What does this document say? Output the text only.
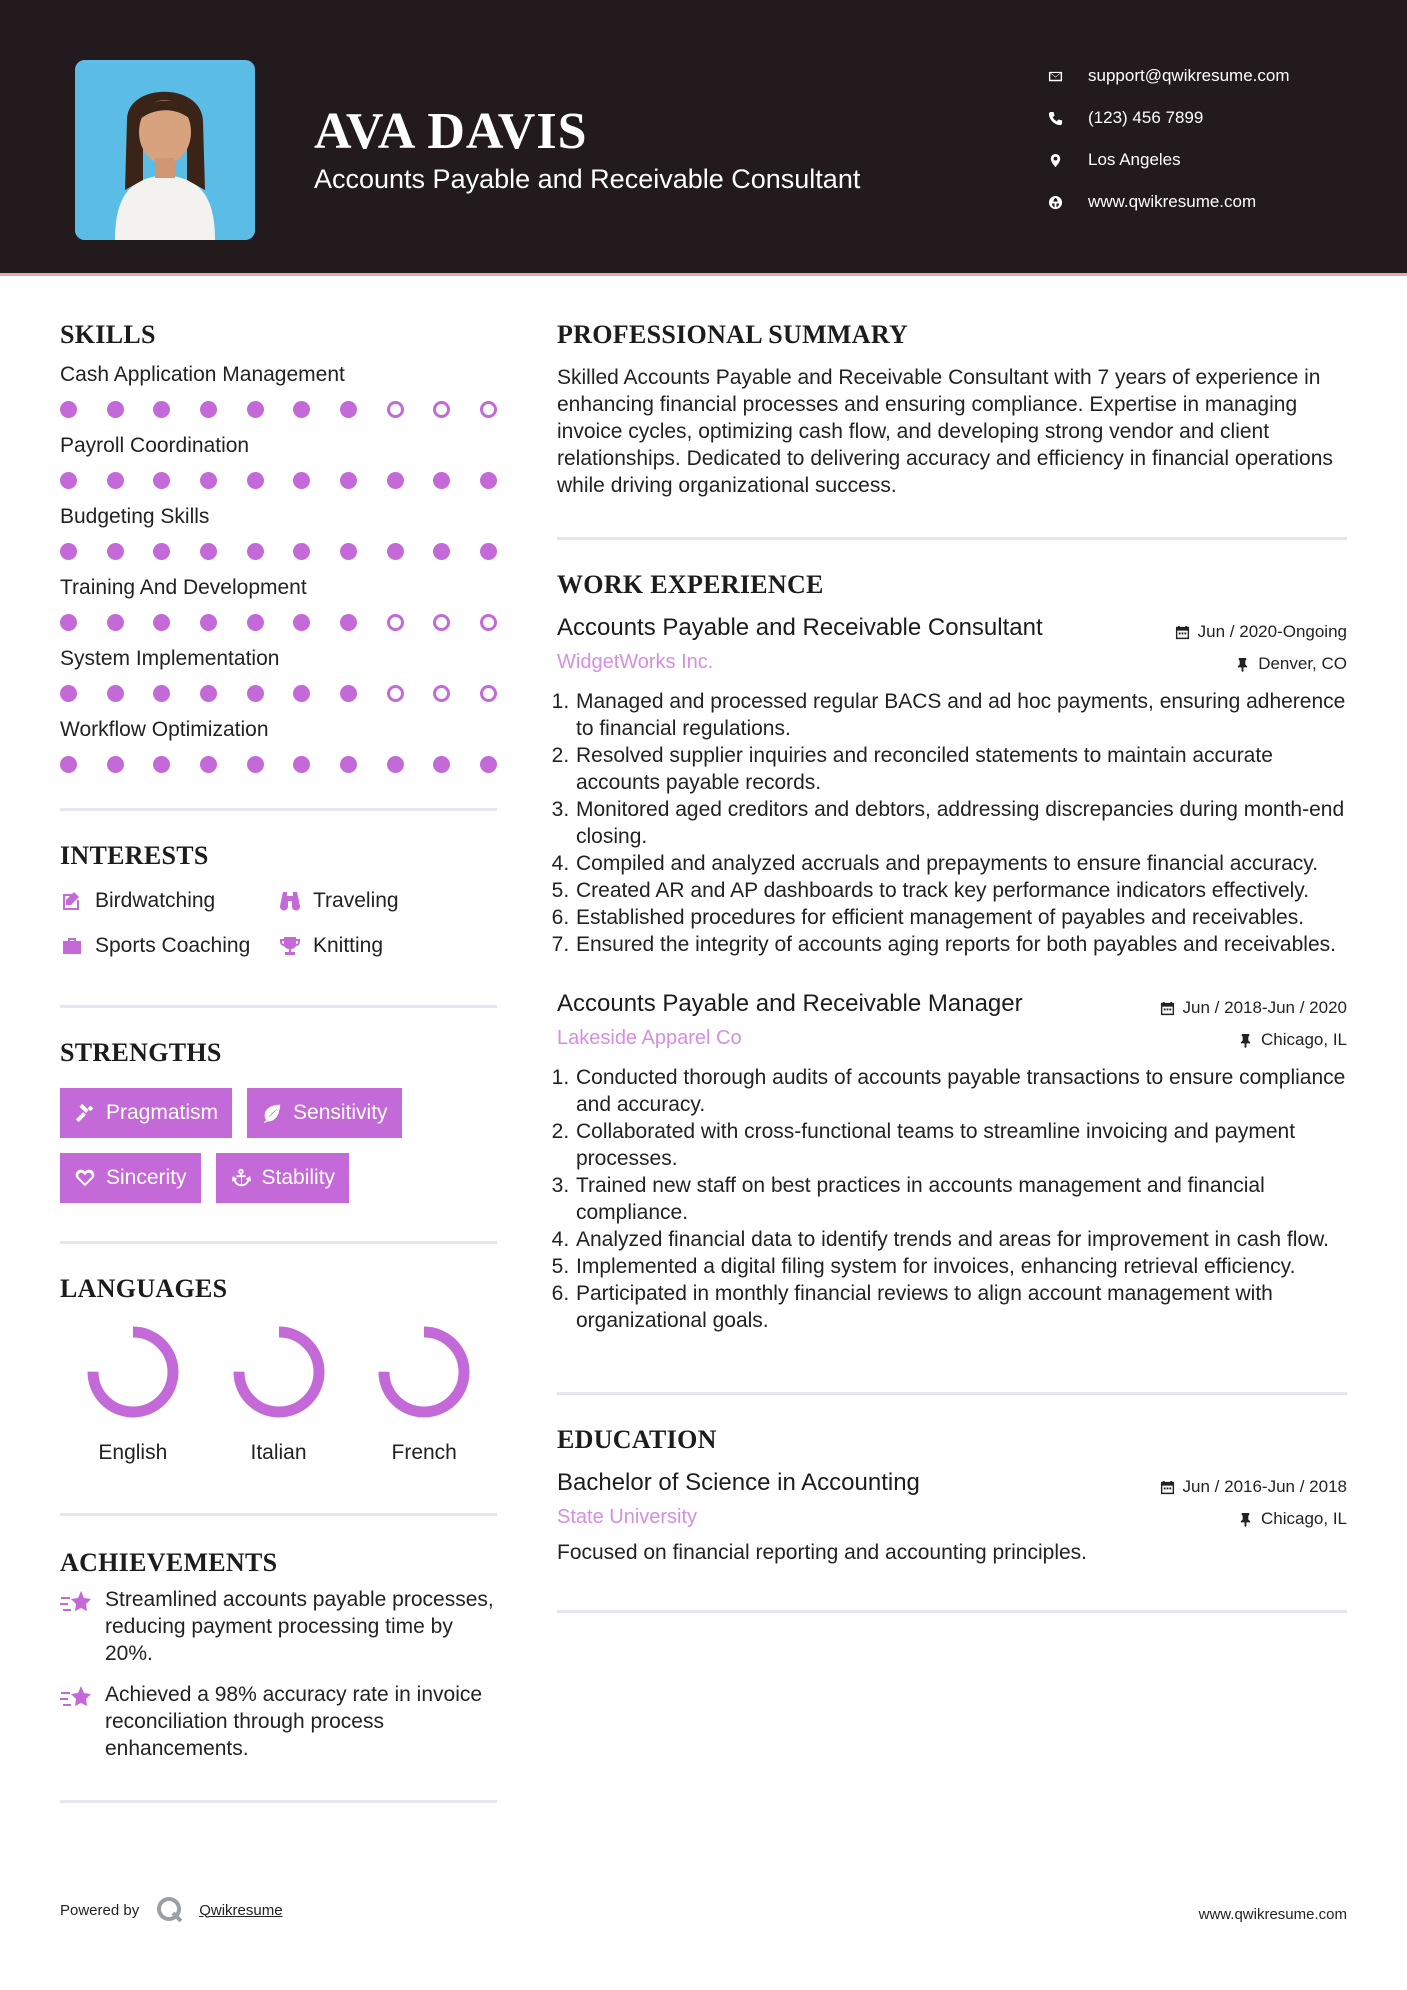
AVA DAVIS
Accounts Payable and Receivable Consultant
support@qwikresume.com
(123) 456 7899
Los Angeles
www.qwikresume.com
SKILLS
Cash Application Management
Payroll Coordination
Budgeting Skills
Training And Development
System Implementation
Workflow Optimization
INTERESTS
Birdwatching	Traveling
Sports Coaching	Knitting
STRENGTHS
Pragmatism	Sensitivity
Sincerity	Stability
LANGUAGES
English	Italian	French
ACHIEVEMENTS
Streamlined accounts payable processes, reducing payment processing time by 20%.
Achieved a 98% accuracy rate in invoice reconciliation through process enhancements.
PROFESSIONAL SUMMARY
Skilled Accounts Payable and Receivable Consultant with 7 years of experience in enhancing financial processes and ensuring compliance. Expertise in managing invoice cycles, optimizing cash flow, and developing strong vendor and client relationships. Dedicated to delivering accuracy and efficiency in financial operations while driving organizational success.
WORK EXPERIENCE
Accounts Payable and Receivable Consultant
WidgetWorks Inc.
Jun / 2020-Ongoing
Denver, CO
1. Managed and processed regular BACS and ad hoc payments, ensuring adherence to financial regulations.
2. Resolved supplier inquiries and reconciled statements to maintain accurate accounts payable records.
3. Monitored aged creditors and debtors, addressing discrepancies during month-end closing.
4. Compiled and analyzed accruals and prepayments to ensure financial accuracy.
5. Created AR and AP dashboards to track key performance indicators effectively.
6. Established procedures for efficient management of payables and receivables.
7. Ensured the integrity of accounts aging reports for both payables and receivables.
Accounts Payable and Receivable Manager
Lakeside Apparel Co
Jun / 2018-Jun / 2020
Chicago, IL
1. Conducted thorough audits of accounts payable transactions to ensure compliance and accuracy.
2. Collaborated with cross-functional teams to streamline invoicing and payment processes.
3. Trained new staff on best practices in accounts management and financial compliance.
4. Analyzed financial data to identify trends and areas for improvement in cash flow.
5. Implemented a digital filing system for invoices, enhancing retrieval efficiency.
6. Participated in monthly financial reviews to align account management with organizational goals.
EDUCATION
Bachelor of Science in Accounting
State University
Jun / 2016-Jun / 2018
Chicago, IL
Focused on financial reporting and accounting principles.
Powered by	Qwikresume	www.qwikresume.com
